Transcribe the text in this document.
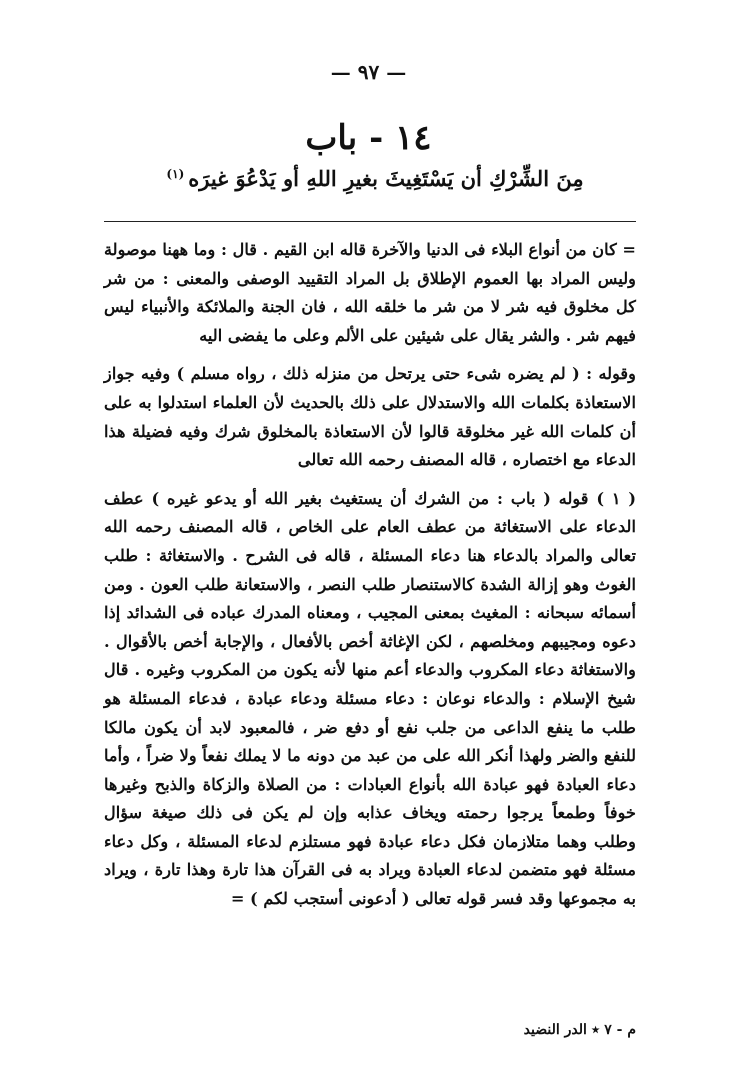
— ٩٧ —
١٤ - باب
مِنَ الشِّرْكِ أن يَسْتَغِيثَ بغيرِ اللهِ أو يَدْعُوَ غيرَه$^{(١)}$

= كان من أنواع البلاء فى الدنيا والآخرة قاله ابن القيم . قال : وما ههنا موصولة وليس المراد بها العموم الإطلاق بل المراد التقييد الوصفى والمعنى : من شر كل مخلوق فيه شر لا من شر ما خلقه الله ، فان الجنة والملائكة والأنبياء ليس فيهم شر . والشر يقال على شيئين على الألم وعلى ما يفضى اليه

وقوله : ( لم يضره شىء حتى يرتحل من منزله ذلك ، رواه مسلم ) وفيه جواز الاستعاذة بكلمات الله والاستدلال على ذلك بالحديث لأن العلماء استدلوا به على أن كلمات الله غير مخلوقة قالوا لأن الاستعاذة بالمخلوق شرك وفيه فضيلة هذا الدعاء مع اختصاره ، قاله المصنف رحمه الله تعالى

( ١ ) قوله ( باب : من الشرك أن يستغيث بغير الله أو يدعو غيره ) عطف الدعاء على الاستغاثة من عطف العام على الخاص ، قاله المصنف رحمه الله تعالى والمراد بالدعاء هنا دعاء المسئلة ، قاله فى الشرح . والاستغاثة : طلب الغوث وهو إزالة الشدة كالاستنصار طلب النصر ، والاستعانة طلب العون . ومن أسمائه سبحانه : المغيث بمعنى المجيب ، ومعناه المدرك عباده فى الشدائد إذا دعوه ومجيبهم ومخلصهم ، لكن الإغاثة أخص بالأفعال ، والإجابة أخص بالأقوال . والاستغاثة دعاء المكروب والدعاء أعم منها لأنه يكون من المكروب وغيره . قال شيخ الإسلام : والدعاء نوعان : دعاء مسئلة ودعاء عبادة ، فدعاء المسئلة هو طلب ما ينفع الداعى من جلب نفع أو دفع ضر ، فالمعبود لابد أن يكون مالكا للنفع والضر ولهذا أنكر الله على من عبد من دونه ما لا يملك نفعاً ولا ضراً ، وأما دعاء العبادة فهو عبادة الله بأنواع العبادات : من الصلاة والزكاة والذبح وغيرها خوفاً وطمعاً يرجوا رحمته ويخاف عذابه وإن لم يكن فى ذلك صيغة سؤال وطلب وهما متلازمان فكل دعاء عبادة فهو مستلزم لدعاء المسئلة ، وكل دعاء مسئلة فهو متضمن لدعاء العبادة ويراد به فى القرآن هذا تارة وهذا تارة ، ويراد به مجموعها وقد فسر قوله تعالى ( أدعونى أستجب لكم ) =

م - ٧ ٭ الدر النضيد
